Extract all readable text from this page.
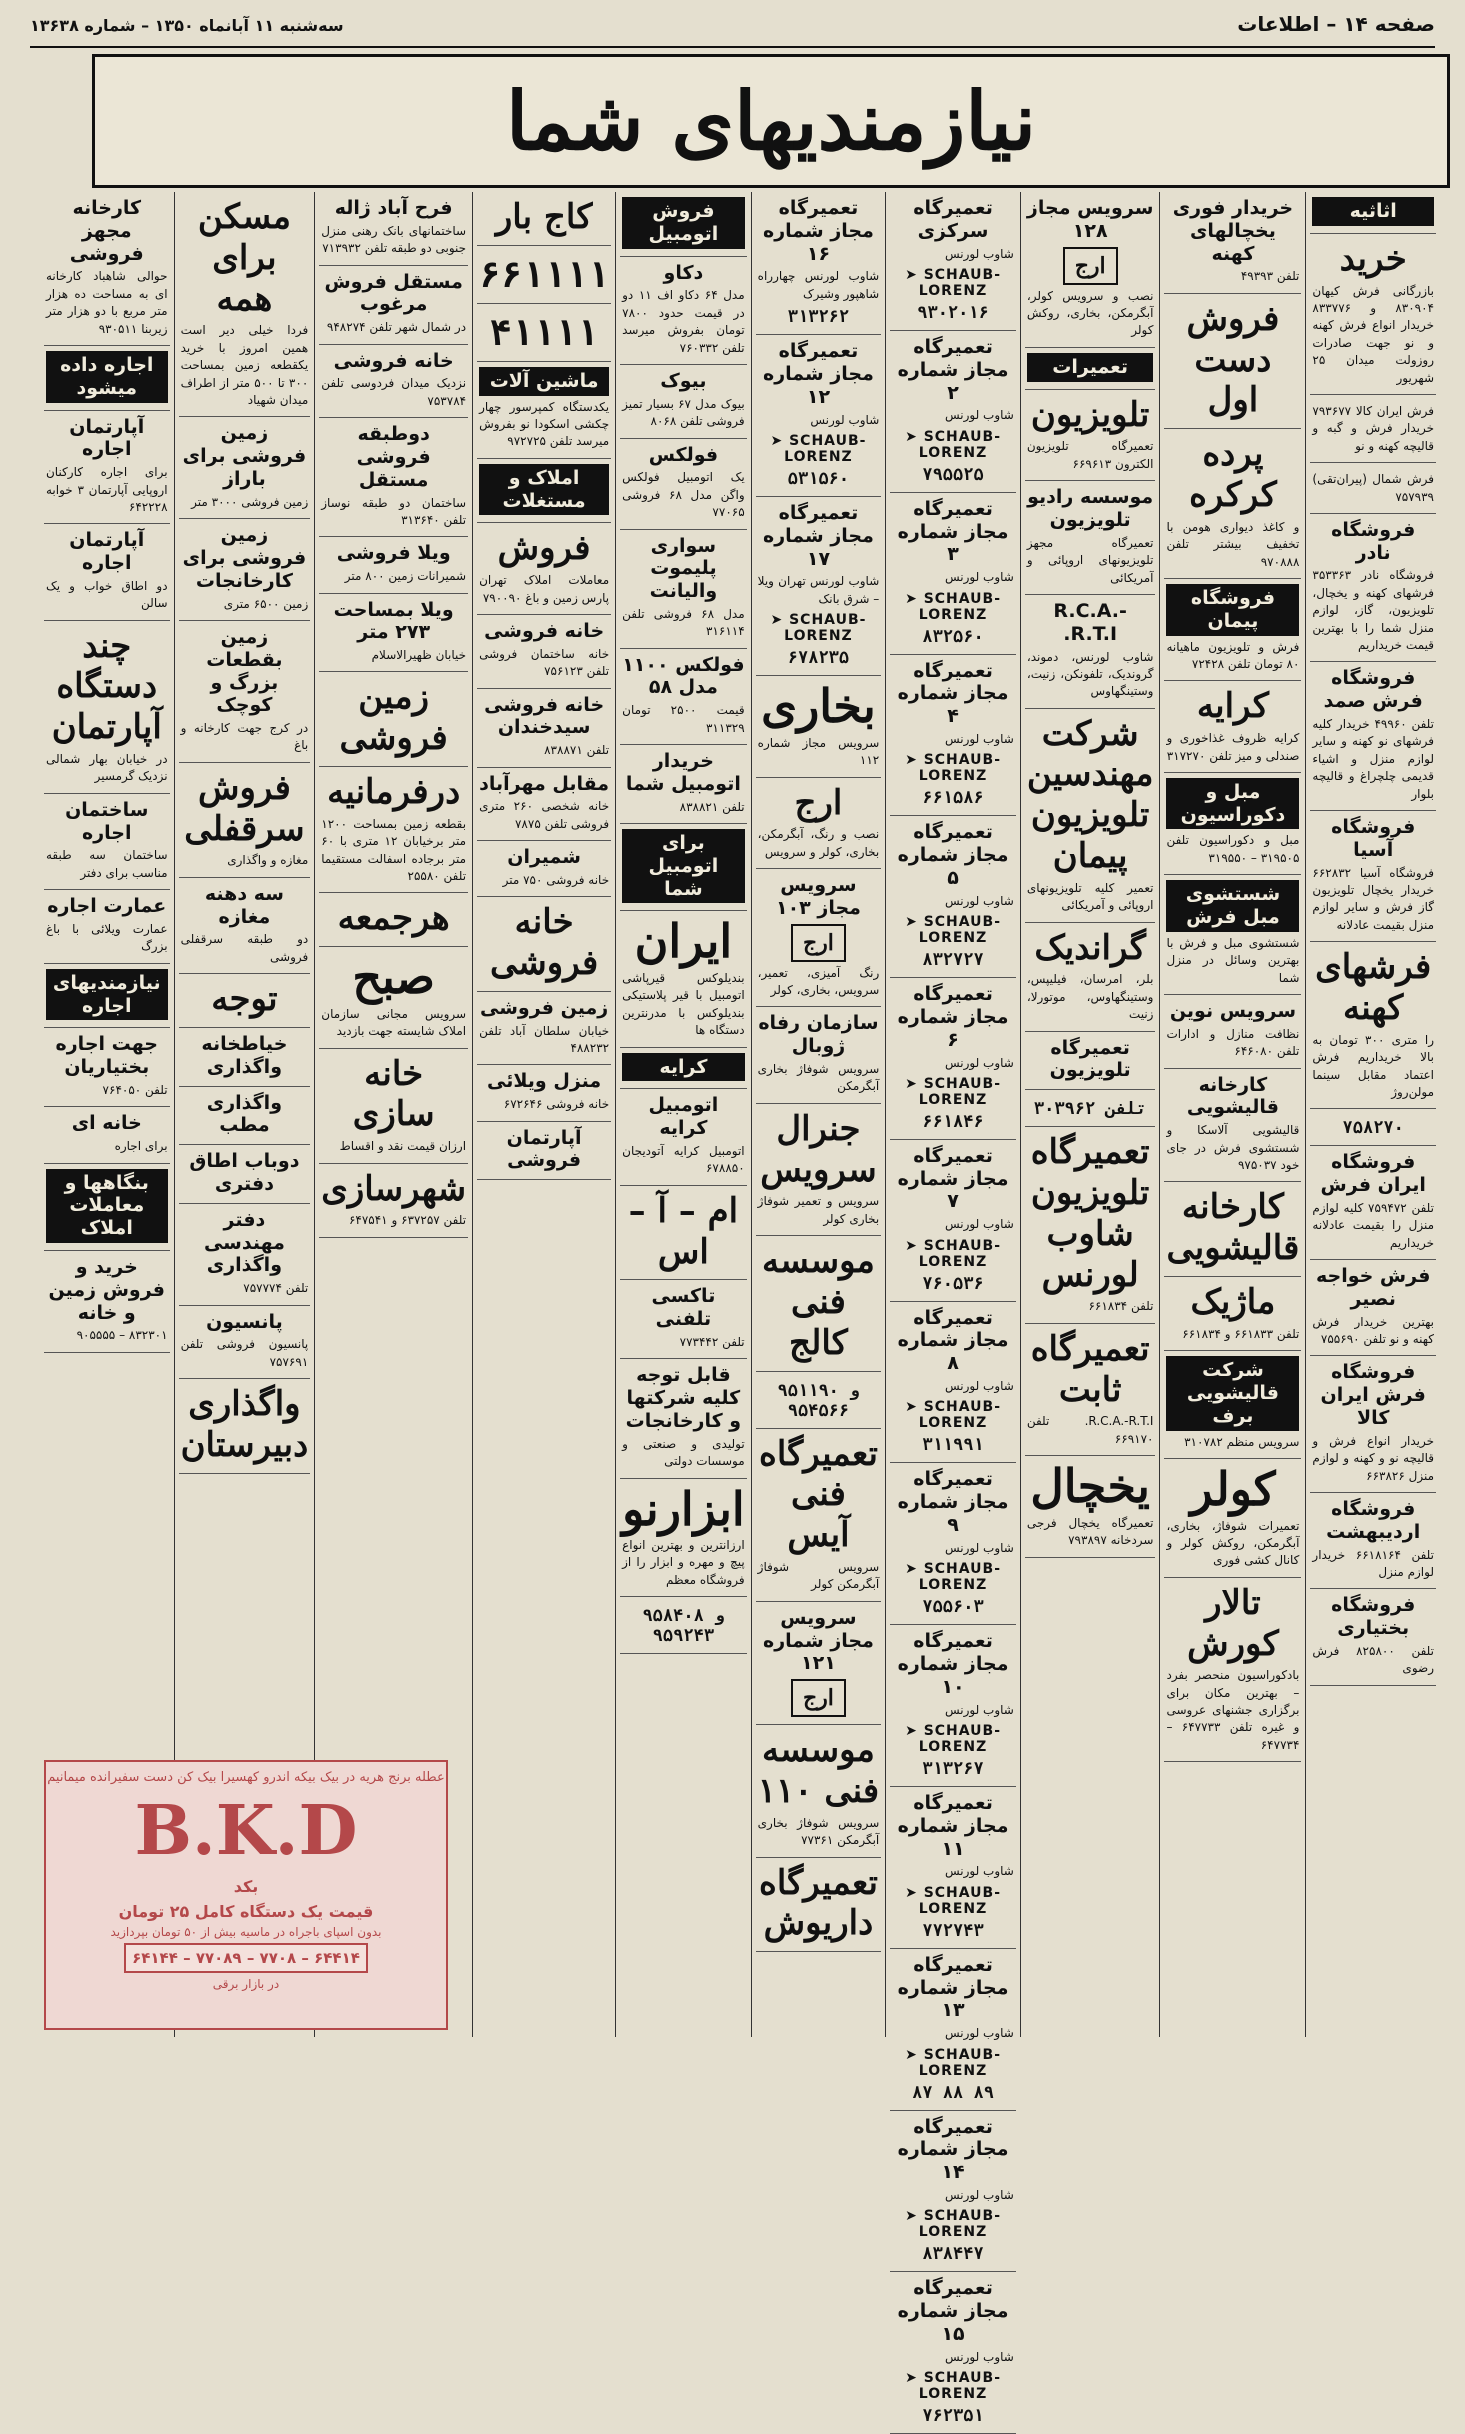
سه‌شنبه ۱۱ آبانماه ۱۳۵۰ – شماره ۱۳۶۳۸	صفحه ۱۴ – اطلاعات
نیازمندیهای شما
اثاثیه
خرید
بازرگانی فرش کیهان ۸۳۰۹۰۴ و ۸۳۳۷۷۶ خریدار انواع فرش کهنه و نو جهت صادرات روزولت میدان ۲۵ شهریور
فرش ایران کالا ۷۹۳۶۷۷ خریدار فرش و گبه و قالیچه کهنه و نو
فرش شمال (پیران‌تقی) ۷۵۷۹۳۹
فروشگاه نادر
فروشگاه نادر ۳۵۳۳۶۳ فرشهای کهنه و یخچال، تلویزیون، گاز، لوازم منزل شما را با بهترین قیمت خریداریم
فروشگاه فرش صمد
تلفن ۴۹۹۶۰ خریدار کلیه فرشهای نو کهنه و سایر لوازم منزل و اشیاء قدیمی چلچراغ و قالیچه بلوار
فروشگاه آسیا
فروشگاه آسیا ۶۶۲۸۳۲ خریدار یخچال تلویزیون گاز فرش و سایر لوازم منزل بقیمت عادلانه
فرشهای کهنه
را متری ۳۰۰ تومان به بالا خریداریم فرش اعتماد مقابل سینما مولن‌روژ
۷۵۸۲۷۰
فروشگاه ایران فرش
تلفن ۷۵۹۴۷۲ کلیه لوازم منزل را بقیمت عادلانه خریداریم
فرش خواجه نصیر
بهترین خریدار فرش کهنه و نو تلفن ۷۵۵۶۹۰
فروشگاه فرش ایران کالا
خریدار انواع فرش و قالیچه نو و کهنه و لوازم منزل ۶۶۳۸۲۶
فروشگاه اردیبهشت
تلفن ۶۶۱۸۱۶۴ خریدار لوازم منزل
فروشگاه بختیاری
تلفن ۸۲۵۸۰۰ فرش رضوی
خریدار فوری یخچالهای کهنه
تلفن ۴۹۳۹۳
فروش دست اول
پرده کرکره
و کاغذ دیواری هومن با تخفیف بیشتر تلفن ۹۷۰۸۸۸
فروشگاه پیمان
فرش و تلویزیون ماهیانه ۸۰ تومان تلفن ۷۲۴۲۸
کرایه
کرایه ظروف غذاخوری و صندلی و میز تلفن ۳۱۷۲۷۰
مبل و دکوراسیون
مبل و دکوراسیون تلفن ۳۱۹۵۰۵ – ۳۱۹۵۵۰
شستشوی مبل فرش
شستشوی مبل و فرش با بهترین وسائل در منزل شما
سرویس نوین
نظافت منازل و ادارات تلفن ۶۴۶۰۸۰
کارخانه قالیشویی
قالیشویی آلاسکا و شستشوی فرش در جای خود ۹۷۵۰۳۷
کارخانه قالیشویی
ماژیک
تلفن ۶۶۱۸۳۳ و ۶۶۱۸۳۴
شرکت قالیشویی برف
سرویس منظم ۳۱۰۷۸۲
کولر
تعمیرات شوفاژ، بخاری، آبگرمکن، روکش کولر و کانال کشی فوری
تالار کورش
بادکوراسیون منحصر بفرد – بهترین مکان برای برگزاری جشنهای عروسی و غیره تلفن ۶۴۷۷۳۳ – ۶۴۷۷۳۴
سرویس مجاز ۱۲۸
ارج
نصب و سرویس کولر، آبگرمکن، بخاری، روکش کولر
تعمیرات
تلویزیون
تعمیرگاه تلویزیون الکترون ۶۶۹۶۱۳
موسسه رادیو تلویزیون
تعمیرگاه مجهز تلویزیونهای اروپائی و آمریکائی
R.C.A.-R.T.I.
شاوب لورنس، دموند، گروندیک، تلفونکن، زنیت، وستینگهاوس
شرکت مهندسین تلویزیون پیمان
تعمیر کلیه تلویزیونهای اروپائی و آمریکائی
گراندیک
بلر، امرسان، فیلیپس، وستینگهاوس، موتورلا، زنیت
تعمیرگاه تلویزیون
تلفن ۳۰۳۹۶۲
تعمیرگاه تلویزیون شاوب لورنس
تلفن ۶۶۱۸۳۴
تعمیرگاه ثابت
R.C.A.-R.T.I. تلفن ۶۶۹۱۷۰
یخچال
تعمیرگاه یخچال فرجی سردخانه ۷۹۳۸۹۷
تعمیرگاه سرکزی
شاوب لورنس
➤ SCHAUB-LORENZ
۹۳۰۲۰۱۶
تعمیرگاه مجاز شماره ۲
شاوب لورنس
➤ SCHAUB-LORENZ
۷۹۵۵۲۵
تعمیرگاه مجاز شماره ۳
شاوب لورنس
➤ SCHAUB-LORENZ
۸۳۲۵۶۰
تعمیرگاه مجاز شماره ۴
شاوب لورنس
➤ SCHAUB-LORENZ
۶۶۱۵۸۶
تعمیرگاه مجاز شماره ۵
شاوب لورنس
➤ SCHAUB-LORENZ
۸۳۲۷۲۷
تعمیرگاه مجاز شماره ۶
شاوب لورنس
➤ SCHAUB-LORENZ
۶۶۱۸۴۶
تعمیرگاه مجاز شماره ۷
شاوب لورنس
➤ SCHAUB-LORENZ
۷۶۰۵۳۶
تعمیرگاه مجاز شماره ۸
شاوب لورنس
➤ SCHAUB-LORENZ
۳۱۱۹۹۱
تعمیرگاه مجاز شماره ۹
شاوب لورنس
➤ SCHAUB-LORENZ
۷۵۵۶۰۳
تعمیرگاه مجاز شماره ۱۰
شاوب لورنس
➤ SCHAUB-LORENZ
۳۱۳۲۶۷
تعمیرگاه مجاز شماره ۱۱
شاوب لورنس
➤ SCHAUB-LORENZ
۷۷۲۷۴۳
تعمیرگاه مجاز شماره ۱۳
شاوب لورنس
➤ SCHAUB-LORENZ
۸۷ ۸۸ ۸۹
تعمیرگاه مجاز شماره ۱۴
شاوب لورنس
➤ SCHAUB-LORENZ
۸۳۸۴۴۷
تعمیرگاه مجاز شماره ۱۵
شاوب لورنس
➤ SCHAUB-LORENZ
۷۶۲۳۵۱
تعمیرگاه مجاز شماره ۱۶
شاوب لورنس چهارراه شاهپور وشیرک
۳۱۳۲۶۲
تعمیرگاه مجاز شماره ۱۲
شاوب لورنس
➤ SCHAUB-LORENZ
۵۳۱۵۶۰
تعمیرگاه مجاز شماره ۱۷
شاوب لورنس تهران ویلا – شرق بانک
➤ SCHAUB-LORENZ
۶۷۸۲۳۵
بخاری
سرویس مجاز شماره ۱۱۲
ارج
نصب و رنگ، آبگرمکن، بخاری، کولر و سرویس
سرویس مجاز ۱۰۳
ارج
رنگ آمیزی، تعمیر، سرویس، بخاری، کولر
سازمان رفاه ژوبال
سرویس شوفاژ بخاری آبگرمکن
جنرال سرویس
سرویس و تعمیر شوفاژ بخاری کولر
موسسه فنی کالج
۹۵۱۱۹۰ و ۹۵۴۵۶۶
تعمیرگاه فنی آیس
سرویس شوفاژ آبگرمکن کولر
سرویس مجاز شماره ۱۲۱
ارج
موسسه فنی ۱۱۰
سرویس شوفاژ بخاری آبگرمکن ۷۷۳۶۱
تعمیرگاه داریوش
فروش اتومبیل
دکاو
مدل ۶۴ دکاو اف ۱۱ دو در قیمت حدود ۷۸۰۰ تومان بفروش میرسد تلفن ۷۶۰۳۳۲
بیوک
بیوک مدل ۶۷ بسیار تمیز فروشی تلفن ۸۰۶۸
فولکس
یک اتومبیل فولکس واگن مدل ۶۸ فروشی ۷۷۰۶۵
سواری پلیموت والیانت
مدل ۶۸ فروشی تلفن ۳۱۶۱۱۴
فولکس ۱۱۰۰ مدل ۵۸
قیمت ۲۵۰۰ تومان ۳۱۱۳۲۹
خریدار اتومبیل شما
تلفن ۸۳۸۸۲۱
برای اتومبیل شما
ایران
بندیلوکس قیرپاشی اتومبیل با قیر پلاستیکی بندیلوکس با مدرنترین دستگاه ها
کرایه
اتومبیل کرایه
اتومبیل کرایه آتودیجان ۶۷۸۸۵۰
ام – آ – اس
تاکسی تلفنی
تلفن ۷۷۳۴۴۲
قابل توجه کلیه شرکتها و کارخانجات
تولیدی و صنعتی و موسسات دولتی
ابزارنو
ارزانترین و بهترین انواع پیچ و مهره و ابزار را از فروشگاه معظم
۹۵۸۴۰۸ و ۹۵۹۲۴۳
کاج بار
۶۶۱۱۱۱
۴۱۱۱۱
ماشین آلات
یکدستگاه کمپرسور چهار چکشی اسکودا نو بفروش میرسد تلفن ۹۷۲۷۲۵
املاک و مستغلات
فروش
معاملات املاک تهران پارس زمین و باغ ۷۹۰۰۹۰
خانه فروشی
خانه ساختمان فروشی تلفن ۷۵۶۱۲۳
خانه فروشی سیدخندان
تلفن ۸۳۸۸۷۱
مقابل مهرآباد
خانه شخصی ۲۶۰ متری فروشی تلفن ۷۸۷۵
شمیران
خانه فروشی ۷۵۰ متر
خانه فروشی
زمین فروشی
خیابان سلطان آباد تلفن ۴۸۸۲۳۲
منزل ویلائی
خانه فروشی ۶۷۲۶۴۶
آپارتمان فروشی
فرح آباد ژاله
ساختمانهای بانک رهنی منزل جنوبی دو طبقه تلفن ۷۱۳۹۳۲
مستقل فروش مرغوب
در شمال شهر تلفن ۹۴۸۲۷۴
خانه فروشی
نزدیک میدان فردوسی تلفن ۷۵۳۷۸۴
دوطبقه فروشی مستقل
ساختمان دو طبقه نوساز تلفن ۳۱۳۶۴۰
ویلا فروشی
شمیرانات زمین ۸۰۰ متر
ویلا بمساحت ۲۷۳ متر
خیابان ظهیرالاسلام
زمین فروشی
درفرمانیه
بقطعه زمین بمساحت ۱۲۰۰ متر برخیابان ۱۲ متری با ۶۰ متر برجاده اسفالت مستقیما تلفن ۲۵۵۸۰
هرجمعه
صبح
سرویس مجانی سازمان املاک شایسته جهت بازدید
خانه سازی
ارزان قیمت نقد و اقساط
شهرسازی
تلفن ۶۳۷۲۵۷ و ۶۴۷۵۴۱
مسکن برای همه
فردا خیلی دیر است همین امروز با خرید یکقطعه زمین بمساحت ۳۰۰ تا ۵۰۰ متر از اطراف میدان شهیاد
زمین فروشی برای باراز
زمین فروشی ۳۰۰۰ متر
زمین فروشی برای کارخانجات
زمین ۶۵۰۰ متری
زمین بقطعات بزرگ و کوچک
در کرج جهت کارخانه و باغ
فروش سرقفلی
مغازه و واگذاری
سه دهنه مغازه
دو طبقه سرقفلی فروشی
توجه
خیاطخانه واگذاری
واگذاری مطب
دوباب اطاق دفتری
دفتر مهندسی واگذاری
تلفن ۷۵۷۷۷۴
پانسیون
پانسیون فروشی تلفن ۷۵۷۶۹۱
واگذاری دبیرستان
کارخانه مجهز فروشی
حوالی شاهباد کارخانه ای به مساحت ده هزار متر مربع با دو هزار متر زیربنا ۹۳۰۵۱۱
اجاره داده میشود
آپارتمان اجاره
برای اجاره کارکنان اروپایی آپارتمان ۳ خوابه ۶۴۲۲۲۸
آپارتمان اجاره
دو اطاق خواب و یک سالن
چند دستگاه آپارتمان
در خیابان بهار شمالی نزدیک گرمسیر
ساختمان اجاره
ساختمان سه طبقه مناسب برای دفتر
عمارت اجاره
عمارت ویلائی با باغ بزرگ
نیازمندیهای اجاره
جهت اجاره بختیاریان
تلفن ۷۶۴۰۵۰
خانه ای
برای اجاره
بنگاهها و معاملات املاک
خرید و فروش زمین و خانه
۸۳۲۳۰۱ – ۹۰۵۵۵۵
عطله برنج هریه در بیک بیکه اندرو کهسیرا بیک کن دست سفیرانده میمانیم
B.K.D
بکد
قیمت یک دستگاه کامل ۲۵ تومان
بدون اسپای باجراه در ماسیه بیش از ۵۰ تومان بپردازید
۶۴۴۱۴ – ۷۷۰۸ – ۷۷۰۸۹ – ۶۴۱۴۴
در بازار برقی
